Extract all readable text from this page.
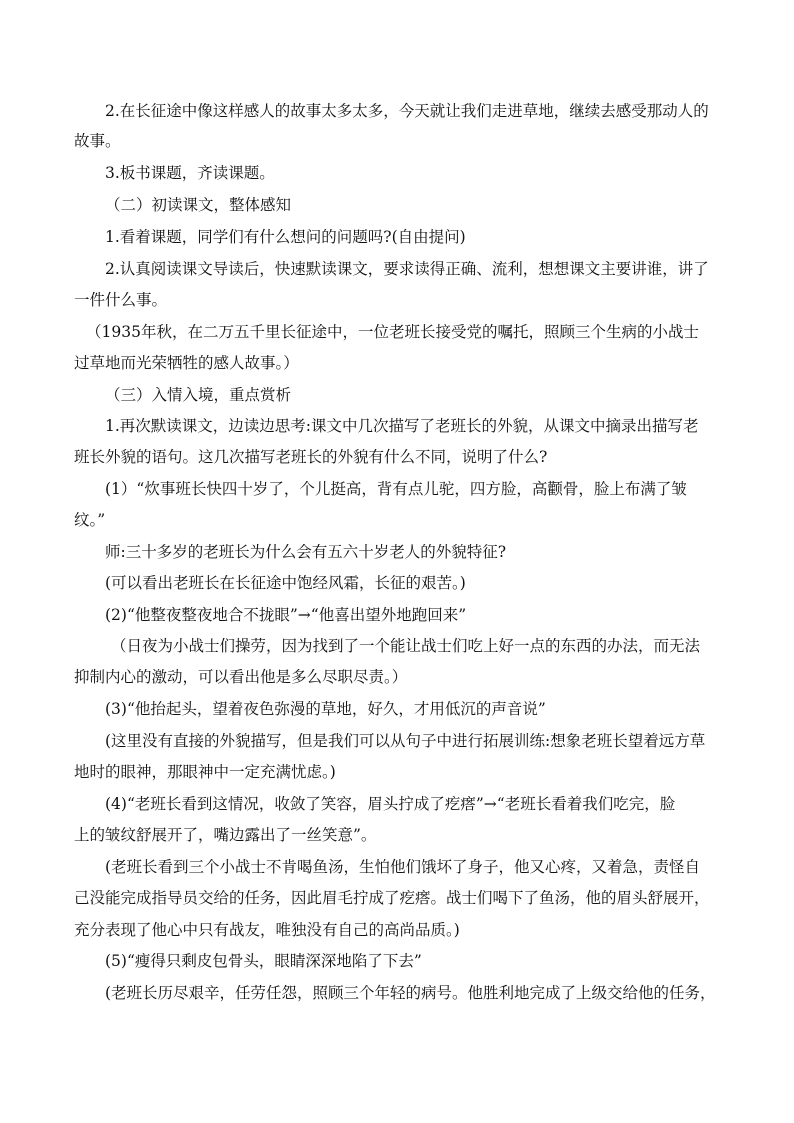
2.在长征途中像这样感人的故事太多太多，今天就让我们走进草地，继续去感受那动人的
故事。
3.板书课题，齐读课题。
（二）初读课文，整体感知
1.看着课题，同学们有什么想问的问题吗?(自由提问)
2.认真阅读课文导读后，快速默读课文，要求读得正确、流利，想想课文主要讲谁，讲了
一件什么事。
（1935年秋，在二万五千里长征途中，一位老班长接受党的嘱托，照顾三个生病的小战士
过草地而光荣牺牲的感人故事。）
（三）入情入境，重点赏析
1.再次默读课文，边读边思考:课文中几次描写了老班长的外貌，从课文中摘录出描写老
班长外貌的语句。这几次描写老班长的外貌有什么不同，说明了什么?
(1）“炊事班长快四十岁了，个儿挺高，背有点儿驼，四方脸，高颧骨，脸上布满了皱
纹。”
师:三十多岁的老班长为什么会有五六十岁老人的外貌特征?
(可以看出老班长在长征途中饱经风霜，长征的艰苦。)
(2)“他整夜整夜地合不拢眼”→“他喜出望外地跑回来”
（日夜为小战士们操劳，因为找到了一个能让战士们吃上好一点的东西的办法，而无法
抑制内心的激动，可以看出他是多么尽职尽责。）
(3)“他抬起头，望着夜色弥漫的草地，好久，才用低沉的声音说”
(这里没有直接的外貌描写，但是我们可以从句子中进行拓展训练:想象老班长望着远方草
地时的眼神，那眼神中一定充满忧虑。)
(4)“老班长看到这情况，收敛了笑容，眉头拧成了疙瘩”→“老班长看着我们吃完，脸
上的皱纹舒展开了，嘴边露出了一丝笑意”。
(老班长看到三个小战士不肯喝鱼汤，生怕他们饿坏了身子，他又心疼，又着急，责怪自
己没能完成指导员交给的任务，因此眉毛拧成了疙瘩。战士们喝下了鱼汤，他的眉头舒展开，
充分表现了他心中只有战友，唯独没有自己的高尚品质。)
(5)“瘦得只剩皮包骨头，眼睛深深地陷了下去”
(老班长历尽艰辛，任劳任怨，照顾三个年轻的病号。他胜利地完成了上级交给他的任务，
